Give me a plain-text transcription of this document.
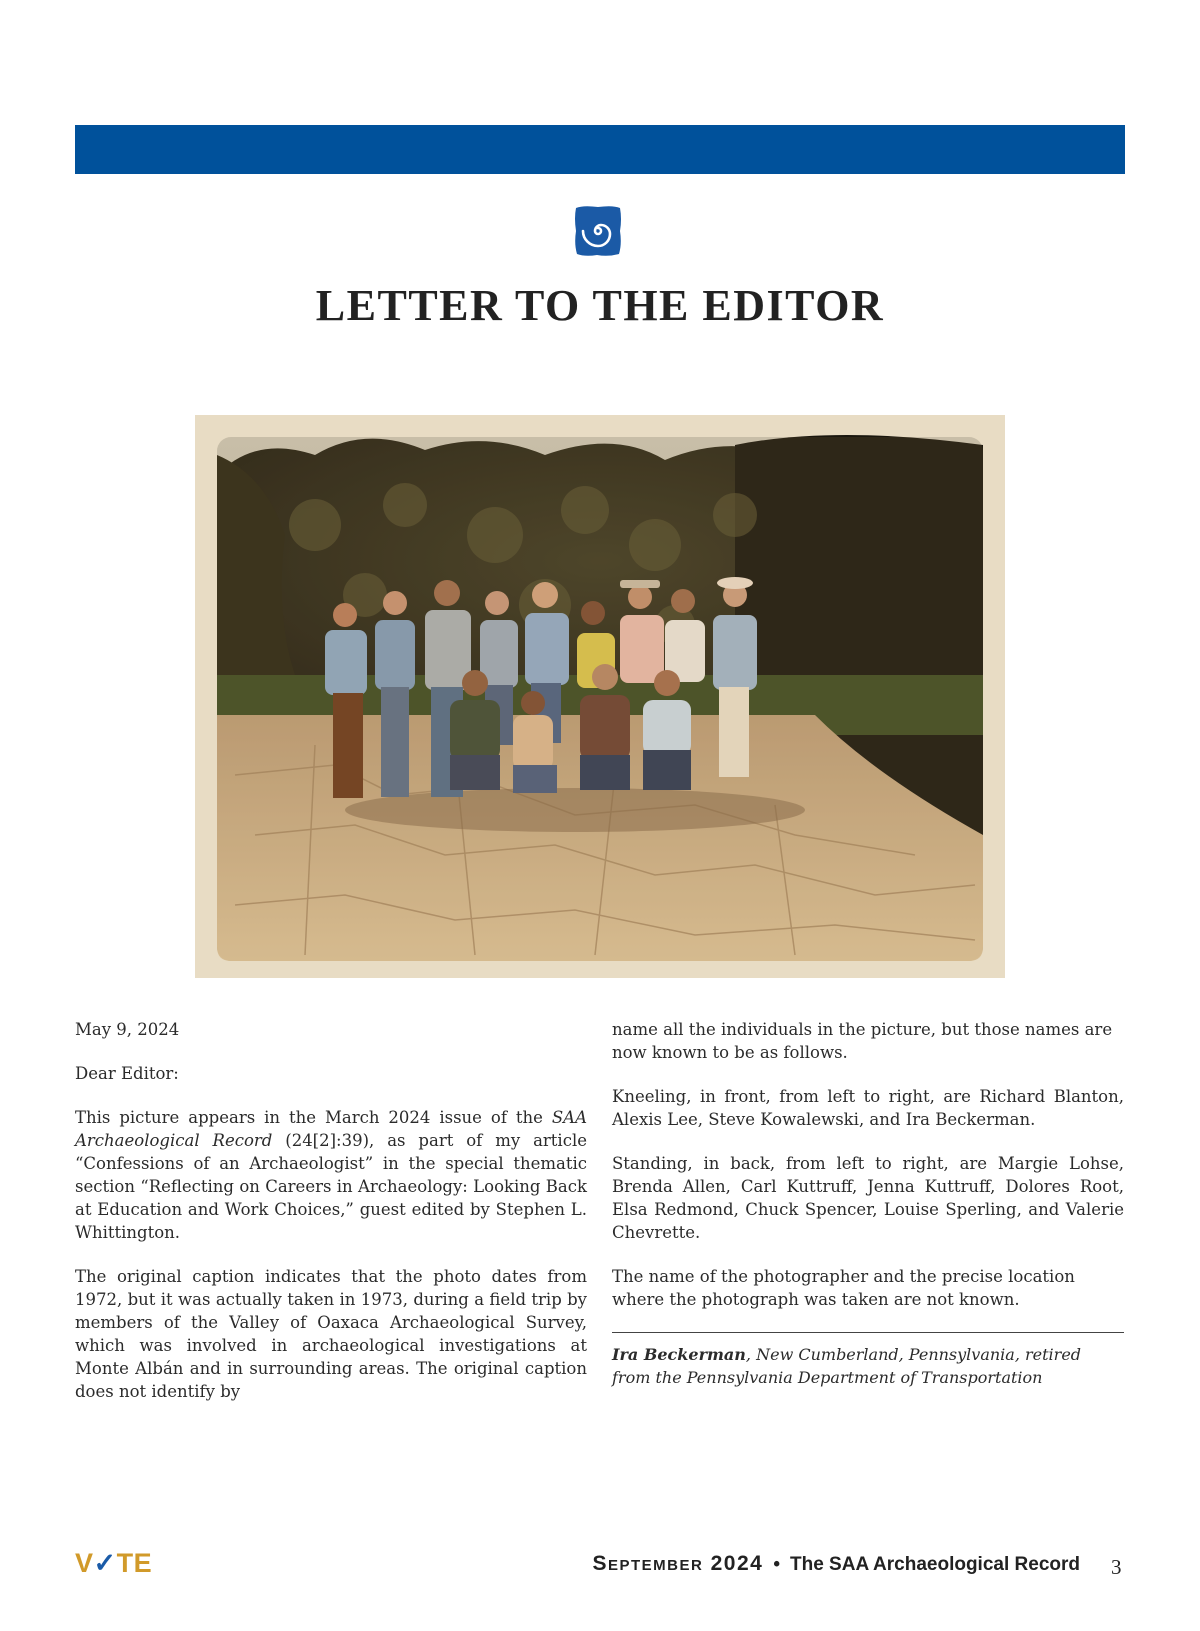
LETTER TO THE EDITOR

May 9, 2024

Dear Editor:

This picture appears in the March 2024 issue of the SAA Archaeological Record (24[2]:39), as part of my article “Confessions of an Archaeologist” in the special thematic section “Reflecting on Careers in Archaeology: Looking Back at Education and Work Choices,” guest edited by Stephen L. Whittington.

The original caption indicates that the photo dates from 1972, but it was actually taken in 1973, during a field trip by members of the Valley of Oaxaca Archaeological Survey, which was involved in archaeological investigations at Monte Albán and in surrounding areas. The original caption does not identify by

name all the individuals in the picture, but those names are now known to be as follows.

Kneeling, in front, from left to right, are Richard Blanton, Alexis Lee, Steve Kowalewski, and Ira Beckerman.

Standing, in back, from left to right, are Margie Lohse, Brenda Allen, Carl Kuttruff, Jenna Kuttruff, Dolores Root, Elsa Redmond, Chuck Spencer, Louise Sperling, and Valerie Chevrette.

The name of the photographer and the precise location where the photograph was taken are not known.

Ira Beckerman, New Cumberland, Pennsylvania, retired from the Pennsylvania Department of Transportation
V✓TE	September 2024 • The SAA Archaeological Record 3
